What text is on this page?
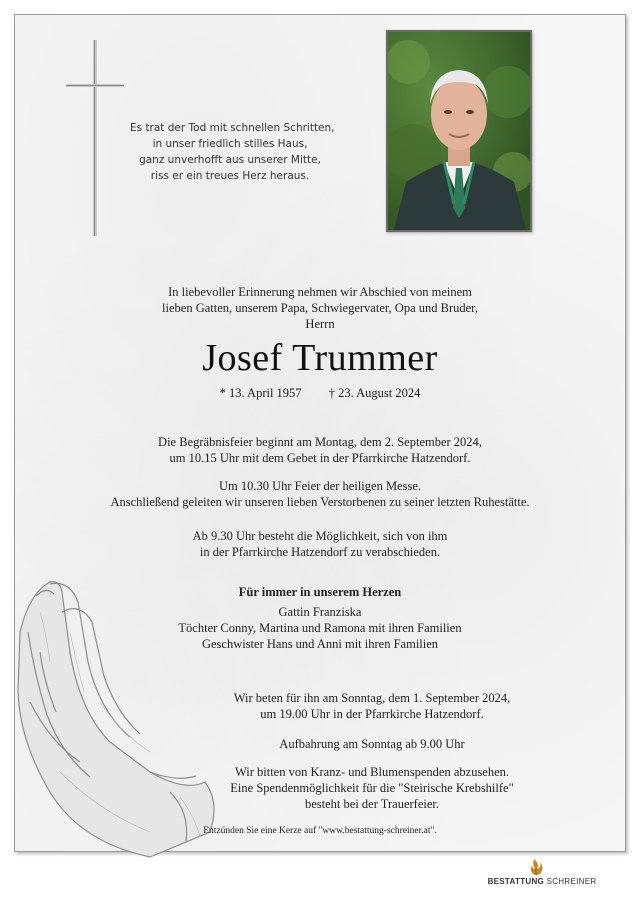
Es trat der Tod mit schnellen Schritten,
in unser friedlich stilles Haus,
ganz unverhofft aus unserer Mitte,
riss er ein treues Herz heraus.
In liebevoller Erinnerung nehmen wir Abschied von meinem
lieben Gatten, unserem Papa, Schwiegervater, Opa und Bruder,
Herrn
Josef Trummer
* 13. April 1957 † 23. August 2024
Die Begräbnisfeier beginnt am Montag, dem 2. September 2024,
um 10.15 Uhr mit dem Gebet in der Pfarrkirche Hatzendorf.
Um 10.30 Uhr Feier der heiligen Messe.
Anschließend geleiten wir unseren lieben Verstorbenen zu seiner letzten Ruhestätte.
Ab 9.30 Uhr besteht die Möglichkeit, sich von ihm
in der Pfarrkirche Hatzendorf zu verabschieden.
Für immer in unserem Herzen
Gattin Franziska
Töchter Conny, Martina und Ramona mit ihren Familien
Geschwister Hans und Anni mit ihren Familien
Wir beten für ihn am Sonntag, dem 1. September 2024,
um 19.00 Uhr in der Pfarrkirche Hatzendorf.
Aufbahrung am Sonntag ab 9.00 Uhr
Wir bitten von Kranz- und Blumenspenden abzusehen.
Eine Spendenmöglichkeit für die "Steirische Krebshilfe"
besteht bei der Trauerfeier.
Entzünden Sie eine Kerze auf "www.bestattung-schreiner.at".
BESTATTUNG SCHREINER
